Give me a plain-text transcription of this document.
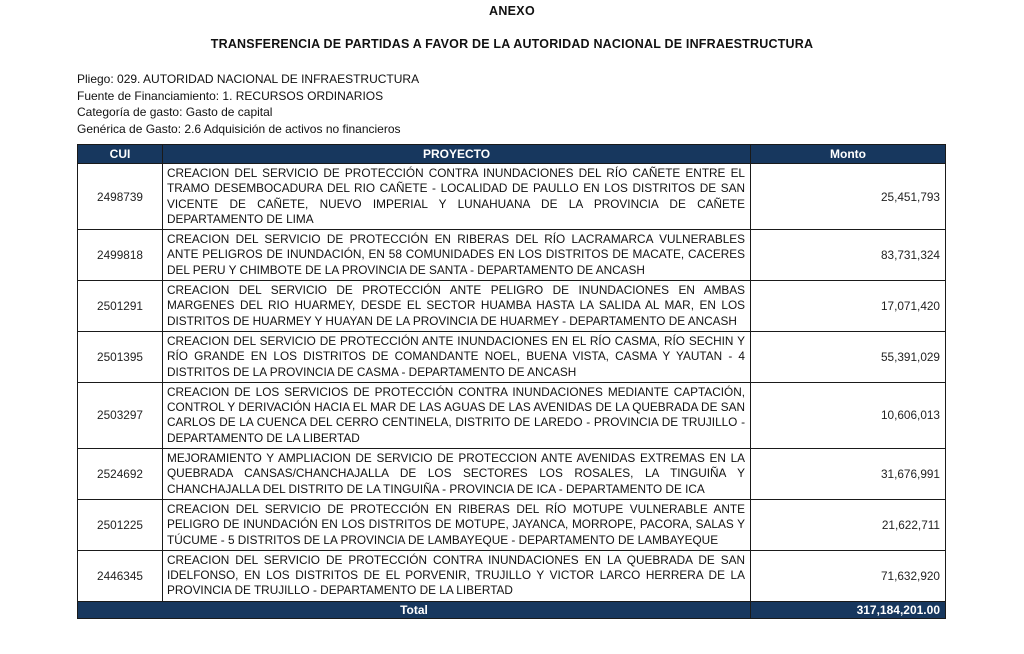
ANEXO
TRANSFERENCIA DE PARTIDAS A FAVOR DE LA AUTORIDAD NACIONAL DE INFRAESTRUCTURA
Pliego: 029. AUTORIDAD NACIONAL DE INFRAESTRUCTURA
Fuente de Financiamiento: 1. RECURSOS ORDINARIOS
Categoría de gasto: Gasto de capital
Genérica de Gasto: 2.6 Adquisición de activos no financieros
CUI	PROYECTO	Monto
2498739	CREACION DEL SERVICIO DE PROTECCIÓN CONTRA INUNDACIONES DEL RÍO CAÑETE ENTRE EL TRAMO DESEMBOCADURA DEL RIO CAÑETE - LOCALIDAD DE PAULLO EN LOS DISTRITOS DE SAN VICENTE DE CAÑETE, NUEVO IMPERIAL Y LUNAHUANA DE LA PROVINCIA DE CAÑETE DEPARTAMENTO DE LIMA	25,451,793
2499818	CREACION DEL SERVICIO DE PROTECCIÓN EN RIBERAS DEL RÍO LACRAMARCA VULNERABLES ANTE PELIGROS DE INUNDACIÓN, EN 58 COMUNIDADES EN LOS DISTRITOS DE MACATE, CACERES DEL PERU Y CHIMBOTE DE LA PROVINCIA DE SANTA - DEPARTAMENTO DE ANCASH	83,731,324
2501291	CREACION DEL SERVICIO DE PROTECCIÓN ANTE PELIGRO DE INUNDACIONES EN AMBAS MARGENES DEL RIO HUARMEY, DESDE EL SECTOR HUAMBA HASTA LA SALIDA AL MAR, EN LOS DISTRITOS DE HUARMEY Y HUAYAN DE LA PROVINCIA DE HUARMEY - DEPARTAMENTO DE ANCASH	17,071,420
2501395	CREACION DEL SERVICIO DE PROTECCIÓN ANTE INUNDACIONES EN EL RÍO CASMA, RÍO SECHIN Y RÍO GRANDE EN LOS DISTRITOS DE COMANDANTE NOEL, BUENA VISTA, CASMA Y YAUTAN - 4 DISTRITOS DE LA PROVINCIA DE CASMA - DEPARTAMENTO DE ANCASH	55,391,029
2503297	CREACION DE LOS SERVICIOS DE PROTECCIÓN CONTRA INUNDACIONES MEDIANTE CAPTACIÓN, CONTROL Y DERIVACIÓN HACIA EL MAR DE LAS AGUAS DE LAS AVENIDAS DE LA QUEBRADA DE SAN CARLOS DE LA CUENCA DEL CERRO CENTINELA, DISTRITO DE LAREDO - PROVINCIA DE TRUJILLO - DEPARTAMENTO DE LA LIBERTAD	10,606,013
2524692	MEJORAMIENTO Y AMPLIACION DE SERVICIO DE PROTECCION ANTE AVENIDAS EXTREMAS EN LA QUEBRADA CANSAS/CHANCHAJALLA DE LOS SECTORES LOS ROSALES, LA TINGUIÑA Y CHANCHAJALLA DEL DISTRITO DE LA TINGUIÑA - PROVINCIA DE ICA - DEPARTAMENTO DE ICA	31,676,991
2501225	CREACION DEL SERVICIO DE PROTECCIÓN EN RIBERAS DEL RÍO MOTUPE VULNERABLE ANTE PELIGRO DE INUNDACIÓN EN LOS DISTRITOS DE MOTUPE, JAYANCA, MORROPE, PACORA, SALAS Y TÚCUME - 5 DISTRITOS DE LA PROVINCIA DE LAMBAYEQUE - DEPARTAMENTO DE LAMBAYEQUE	21,622,711
2446345	CREACION DEL SERVICIO DE PROTECCIÓN CONTRA INUNDACIONES EN LA QUEBRADA DE SAN IDELFONSO, EN LOS DISTRITOS DE EL PORVENIR, TRUJILLO Y VICTOR LARCO HERRERA DE LA PROVINCIA DE TRUJILLO - DEPARTAMENTO DE LA LIBERTAD	71,632,920
Total		317,184,201.00
